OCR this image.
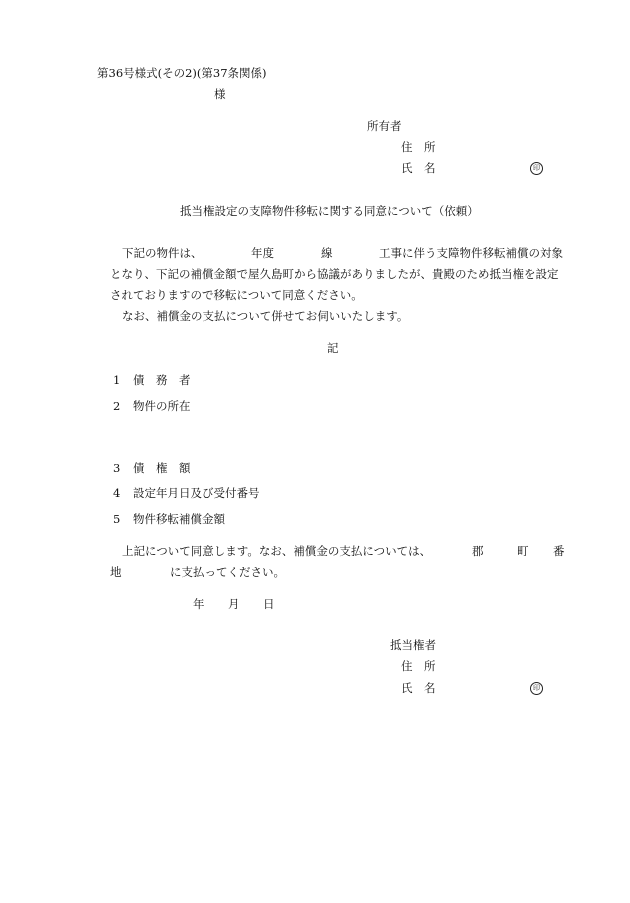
第36号様式(その2)(第37条関係)
様
所有者
住　所
氏　名	印
抵当権設定の支障物件移転に関する同意について（依頼）
下記の物件は、	年度	線	工事に伴う支障物件移転補償の対象
となり、下記の補償金額で屋久島町から協議がありましたが、貴殿のため抵当権を設定
されておりますので移転について同意ください。
なお、補償金の支払について併せてお伺いいたします。
記
1 債　務　者
2 物件の所在
3 債　権　額
4 設定年月日及び受付番号
5 物件移転補償金額
上記について同意します。なお、補償金の支払については、	郡	町 番
地	に支払ってください。
年 月 日
抵当権者
住　所
氏　名	印
